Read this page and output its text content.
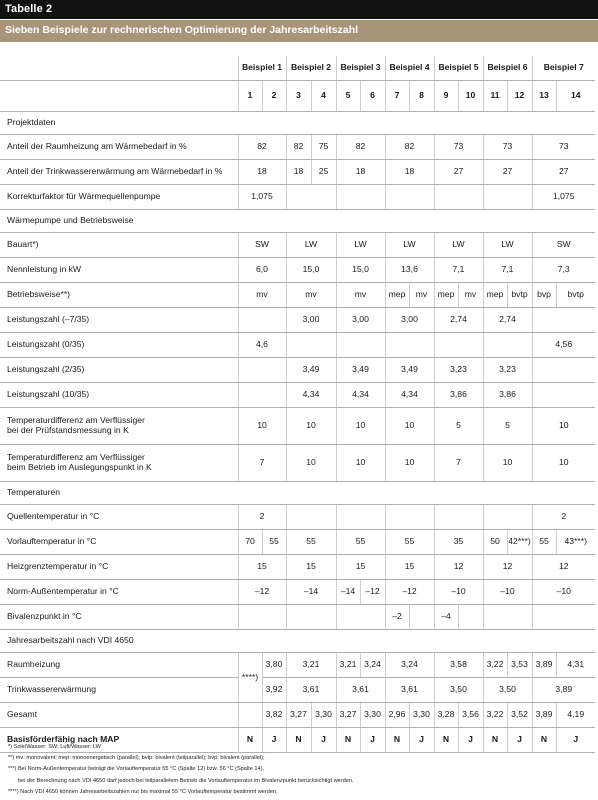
Tabelle 2
Sieben Beispiele zur rechnerischen Optimierung der Jahresarbeitszahl
	Beispiel 1		Beispiel 2		Beispiel 3		Beispiel 4		Beispiel 5		Beispiel 6		Beispiel 7	
	1	2	3	4	5	6	7	8	9	10	11	12	13	14
Projektdaten														
Anteil der Raumheizung am Wärmebedarf in %	82		82	75	82		82		73		73		73	
Anteil der Trinkwassererwärmung am Wärmebedarf in %	18		18	25	18		18		27		27		27	
Korrekturfaktor für Wärmequellenpumpe	1,075												1,075	
Wärmepumpe und Betriebsweise														
Bauart*)	SW		LW		LW		LW		LW		LW		SW	
Nennleistung in kW	6,0		15,0		15,0		13,6		7,1		7,1		7,3	
Betriebsweise**)	mv		mv		mv		mep	mv	mep	mv	mep	bvtp	bvp	bvtp
Leistungszahl (–7/35)			3,00		3,00		3,00		2,74		2,74			
Leistungszahl (0/35)	4,6												4,56	
Leistungszahl (2/35)			3,49		3,49		3,49		3,23		3,23			
Leistungszahl (10/35)			4,34		4,34		4,34		3,86		3,86			
Temperaturdifferenz am Verflüssiger
bei der Prüfstandsmessung in K	10		10		10		10		5		5		10	
Temperaturdifferenz am Verflüssiger
beim Betrieb im Auslegungspunkt in K	7		10		10		10		7		10		10	
Temperaturen														
Quellentemperatur in °C	2												2	
Vorlauftemperatur in °C	70	55	55		55		55		35		50	42***)	55	43***)
Heizgrenztemperatur in °C	15		15		15		15		12		12		12	
Norm-Außentemperatur in °C	–12		–14		–14	–12	–12		–10		–10		–10	
Bivalenzpunkt in °C							–2		–4					
Jahresarbeitszahl nach VDI 4650														
Raumheizung	****)	3,80	3,21		3,21	3,24	3,24		3,58		3,22	3,53	3,89	4,31
Trinkwassererwärmung		3,92	3,61		3,61		3,61		3,50		3,50		3,89	
Gesamt		3,82	3,27	3,30	3,27	3,30	2,96	3,30	3,28	3,56	3,22	3,52	3,89	4,19
Basisförderfähig nach MAP	N	J	N	J	N	J	N	J	N	J	N	J	N	J
*) Sole/Wasser: SW; Luft/Wasser: LW
**) mv: monovalent; mep: monoenergetisch (parallel); bvtp: bivalent (teilparallel); bvp: bivalent (parallel);
***) Bei Norm-Außentemperatur beträgt die Vorlauftemperatur 55 °C (Spalte 12) bzw. 56 °C (Spalte 14),
bei der Berechnung nach VDI 4650 darf jedoch bei teilparallelem Betrieb die Vorlauftemperatur im Bivalenzpunkt berücksichtigt werden.
****) Nach VDI 4650 können Jahresarbeitszahlen nur bis maximal 55 °C Vorlauftemperatur bestimmt werden.
